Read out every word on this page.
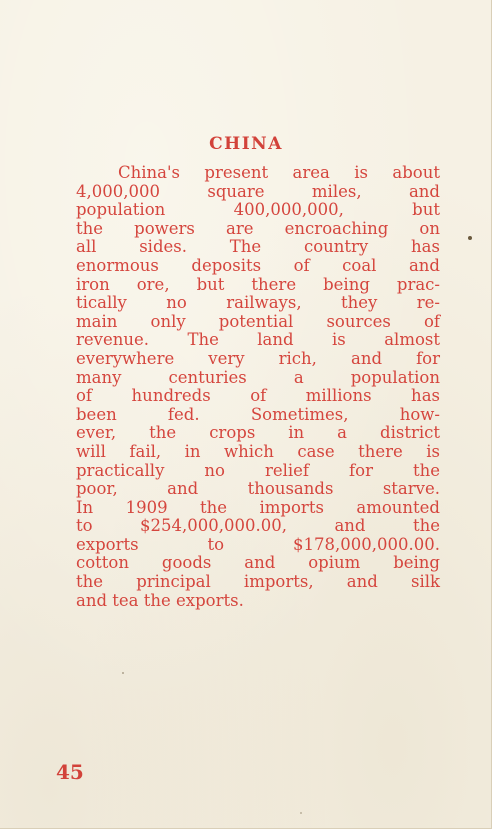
CHINA
China's present area is about
4,000,000 square miles, and
population 400,000,000, but
the powers are encroaching on
all sides. The country has
enormous deposits of coal and
iron ore, but there being prac-
tically no railways, they re-
main only potential sources of
revenue. The land is almost
everywhere very rich, and for
many centuries a population
of hundreds of millions has
been fed. Sometimes, how-
ever, the crops in a district
will fail, in which case there is
practically no relief for the
poor, and thousands starve.
In 1909 the imports amounted
to $254,000,000.00, and the
exports to $178,000,000.00.
cotton goods and opium being
the principal imports, and silk
and tea the exports.
45
